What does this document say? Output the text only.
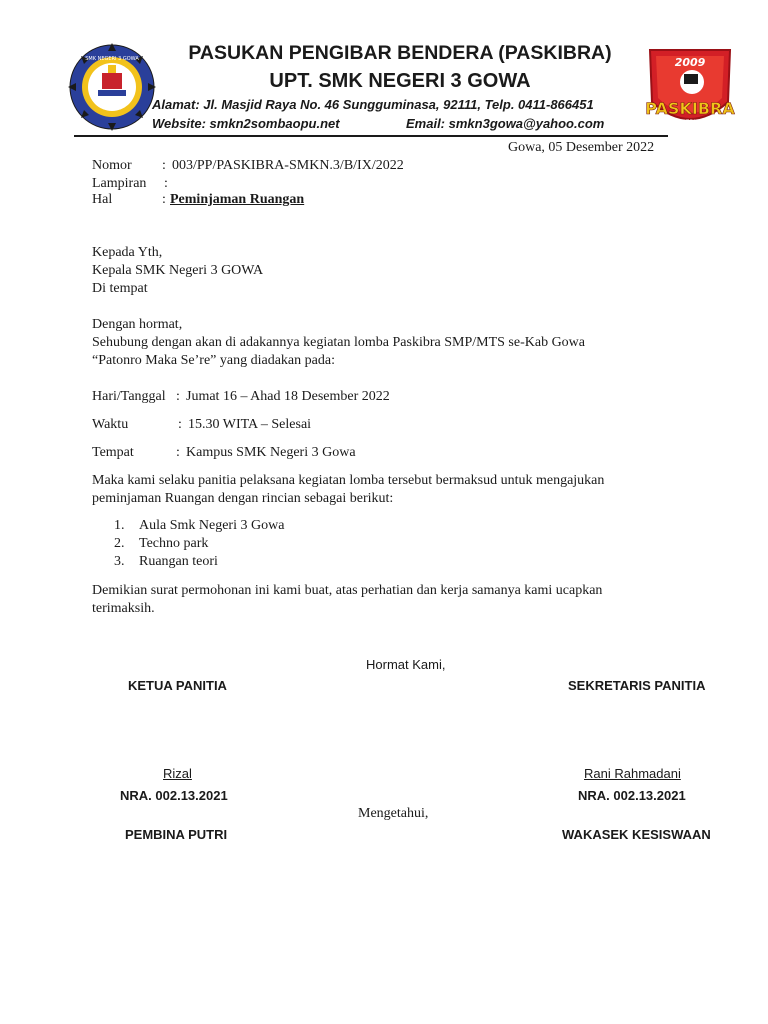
SMK NEGERI 3 GOWA	2009
PASKIBRA
SMK NEGERI 3 GOWA
PASUKAN PENGIBAR BENDERA (PASKIBRA)
UPT. SMK NEGERI 3 GOWA
Alamat: Jl. Masjid Raya No. 46 Sungguminasa, 92111, Telp. 0411-866451
Website: smkn2sombaopu.net	Email: smkn3gowa@yahoo.com
Gowa, 05 Desember 2022
Nomor : 003/PP/PASKIBRA-SMKN.3/B/IX/2022
Lampiran :
Hal	: Peminjaman Ruangan
Kepada Yth,
Kepala SMK Negeri 3 GOWA
Di tempat
Dengan hormat,
Sehubung dengan akan di adakannya kegiatan lomba Paskibra SMP/MTS se-Kab Gowa
“Patonro Maka Se’re” yang diadakan pada:
Hari/Tanggal : Jumat 16 – Ahad 18 Desember 2022
Waktu	: 15.30 WITA – Selesai
Tempat	: Kampus SMK Negeri 3 Gowa
Maka kami selaku panitia pelaksana kegiatan lomba tersebut bermaksud untuk mengajukan
peminjaman Ruangan dengan rincian sebagai berikut:
1. Aula Smk Negeri 3 Gowa
2. Techno park
3. Ruangan teori
Demikian surat permohonan ini kami buat, atas perhatian dan kerja samanya kami ucapkan
terimaksih.
Hormat Kami,
KETUA PANITIA	SEKRETARIS PANITIA
Rizal	Rani Rahmadani
NRA. 002.13.2021	NRA. 002.13.2021
Mengetahui,
PEMBINA PUTRI	WAKASEK KESISWAAN
